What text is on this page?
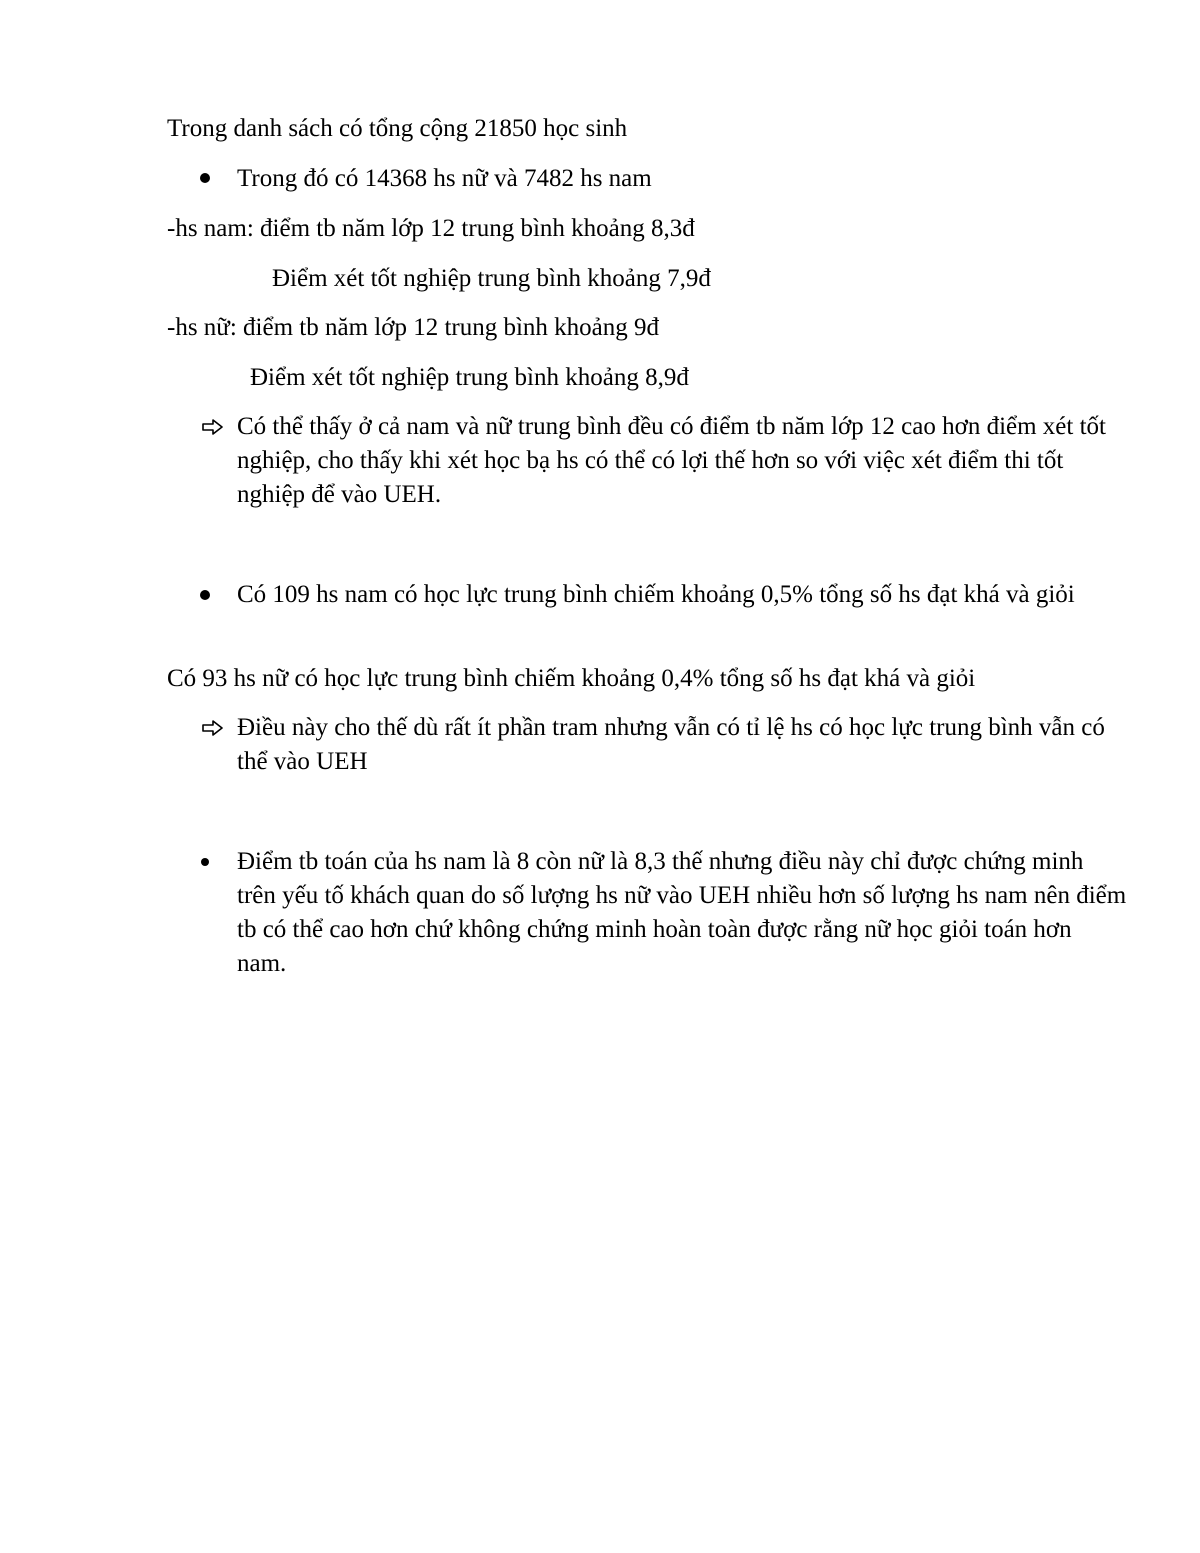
Trong danh sách có tổng cộng 21850 học sinh
Trong đó có 14368 hs nữ và 7482 hs nam
-hs nam: điểm tb năm lớp 12 trung bình khoảng 8,3đ
Điểm xét tốt nghiệp trung bình khoảng 7,9đ
-hs nữ: điểm tb năm lớp 12 trung bình khoảng 9đ
Điểm xét tốt nghiệp trung bình khoảng 8,9đ
Có thể thấy ở cả nam và nữ trung bình đều có điểm tb năm lớp 12 cao hơn điểm xét tốt nghiệp, cho thấy khi xét học bạ hs có thể có lợi thế hơn so với việc xét điểm thi tốt nghiệp để vào UEH.
Có 109 hs nam có học lực trung bình chiếm khoảng 0,5% tổng số hs đạt khá và giỏi
Có 93 hs nữ có học lực trung bình chiếm khoảng 0,4% tổng số hs đạt khá và giỏi
Điều này cho thế dù rất ít phần tram nhưng vẫn có tỉ lệ hs có học lực trung bình vẫn có thể vào UEH
Điểm tb toán của hs nam là 8 còn nữ là 8,3 thế nhưng điều này chỉ được chứng minh trên yếu tố khách quan do số lượng hs nữ vào UEH nhiều hơn số lượng hs nam nên điểm tb có thể cao hơn chứ không chứng minh hoàn toàn được rằng nữ học giỏi toán hơn nam.
